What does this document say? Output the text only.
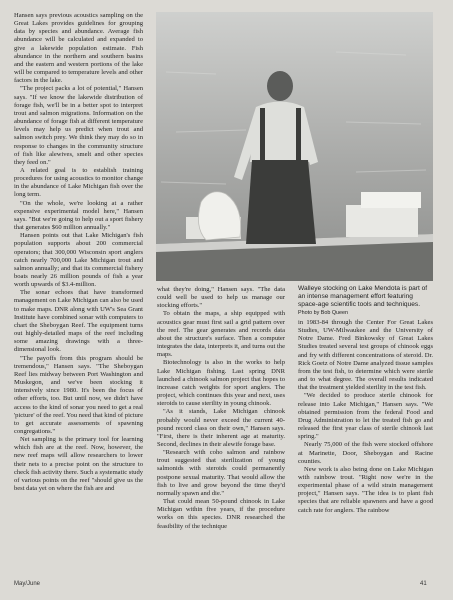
Hansen says previous acoustics sampling on the Great Lakes provides guidelines for grouping data by species and abundance. Average fish abundance will be calculated and expanded to give a lakewide population estimate. Fish abundance in the northern and southern basins and the eastern and western portions of the lake will be compared to temperature levels and other factors in the lake.

"The project packs a lot of potential," Hansen says. "If we know the lakewide distribution of forage fish, we'll be in a better spot to interpret trout and salmon migrations. Information on the abundance of forage fish at different temperature levels may help us predict when trout and salmon switch prey. We think they may do so in response to changes in the community structure of fish like alewives, smelt and other species they feed on."

A related goal is to establish training procedures for using acoustics to monitor change in the abundance of Lake Michigan fish over the long term.

"On the whole, we're looking at a rather expensive experimental model here," Hansen says. "But we're going to help out a sport fishery that generates $60 million annually."

Hansen points out that Lake Michigan's fish population supports about 200 commercial operators; that 300,000 Wisconsin sport anglers catch nearly 700,000 Lake Michigan trout and salmon annually; and that its commercial fishery boats nearly 26 million pounds of fish a year worth upwards of $3.4-million.

The sonar echoes that have transformed management on Lake Michigan can also be used to make maps. DNR along with UW's Sea Grant Institute have combined sonar with computers to chart the Sheboygan Reef. The equipment turns out highly-detailed maps of the reef including some amazing drawings with a three-dimensional look.

"The payoffs from this program should be tremendous," Hansen says. "The Sheboygan Reef lies midway between Port Washington and Muskegon, and we've been stocking it intensively since 1980. It's been the focus of other efforts, too. But until now, we didn't have access to the kind of sonar you need to get a real 'picture' of the reef. You need that kind of picture to get accurate assessments of spawning congregations."

Net sampling is the primary tool for learning which fish are at the reef. Now, however, the new reef maps will allow researchers to lower their nets to a precise point on the structure to check fish activity there. Such a systematic study of various points on the reef "should give us the best data yet on where the fish are and

Walleye stocking on Lake Mendota is part of an intense management effort featuring space-age scientific tools and techniques. Photo by Bob Queen

what they're doing," Hansen says. "The data could well be used to help us manage our stocking efforts."

To obtain the maps, a ship equipped with acoustics gear must first sail a grid pattern over the reef. The gear generates and records data about the structure's surface. Then a computer integrates the data, interprets it, and turns out the maps.

Biotechnology is also in the works to help Lake Michigan fishing. Last spring DNR launched a chinook salmon project that hopes to increase catch weights for sport anglers. The project, which continues this year and next, uses steroids to cause sterility in young chinook.

"As it stands, Lake Michigan chinook probably would never exceed the current 40-pound record class on their own," Hansen says. "First, there is their inherent age at maturity. Second, declines in their alewife forage base.

"Research with coho salmon and rainbow trout suggested that sterilization of young salmonids with steroids could permanently postpone sexual maturity. That would allow the fish to live and grow beyond the time they'd normally spawn and die."

That could mean 50-pound chinook in Lake Michigan within five years, if the procedure works on this species. DNR researched the feasibility of the technique

in 1983-84 through the Center For Great Lakes Studies, UW-Milwaukee and the University of Notre Dame. Fred Binkowsky of Great Lakes Studies treated several test groups of chinook eggs and fry with different concentrations of steroid. Dr. Rick Goetz of Notre Dame analyzed tissue samples from the test fish, to determine which were sterile and to what degree. The overall results indicated that the treatment yielded sterility in the test fish.

"We decided to produce sterile chinook for release into Lake Michigan," Hansen says. "We obtained permission from the federal Food and Drug Administration to let the treated fish go and released the first year class of sterile chinook last spring."

Nearly 75,000 of the fish were stocked offshore at Marinette, Door, Sheboygan and Racine counties.

New work is also being done on Lake Michigan with rainbow trout. "Right now we're in the experimental phase of a wild strain management project," Hansen says. "The idea is to plant fish species that are reliable spawners and have a good catch rate for anglers. The rainbow

May/June	41
